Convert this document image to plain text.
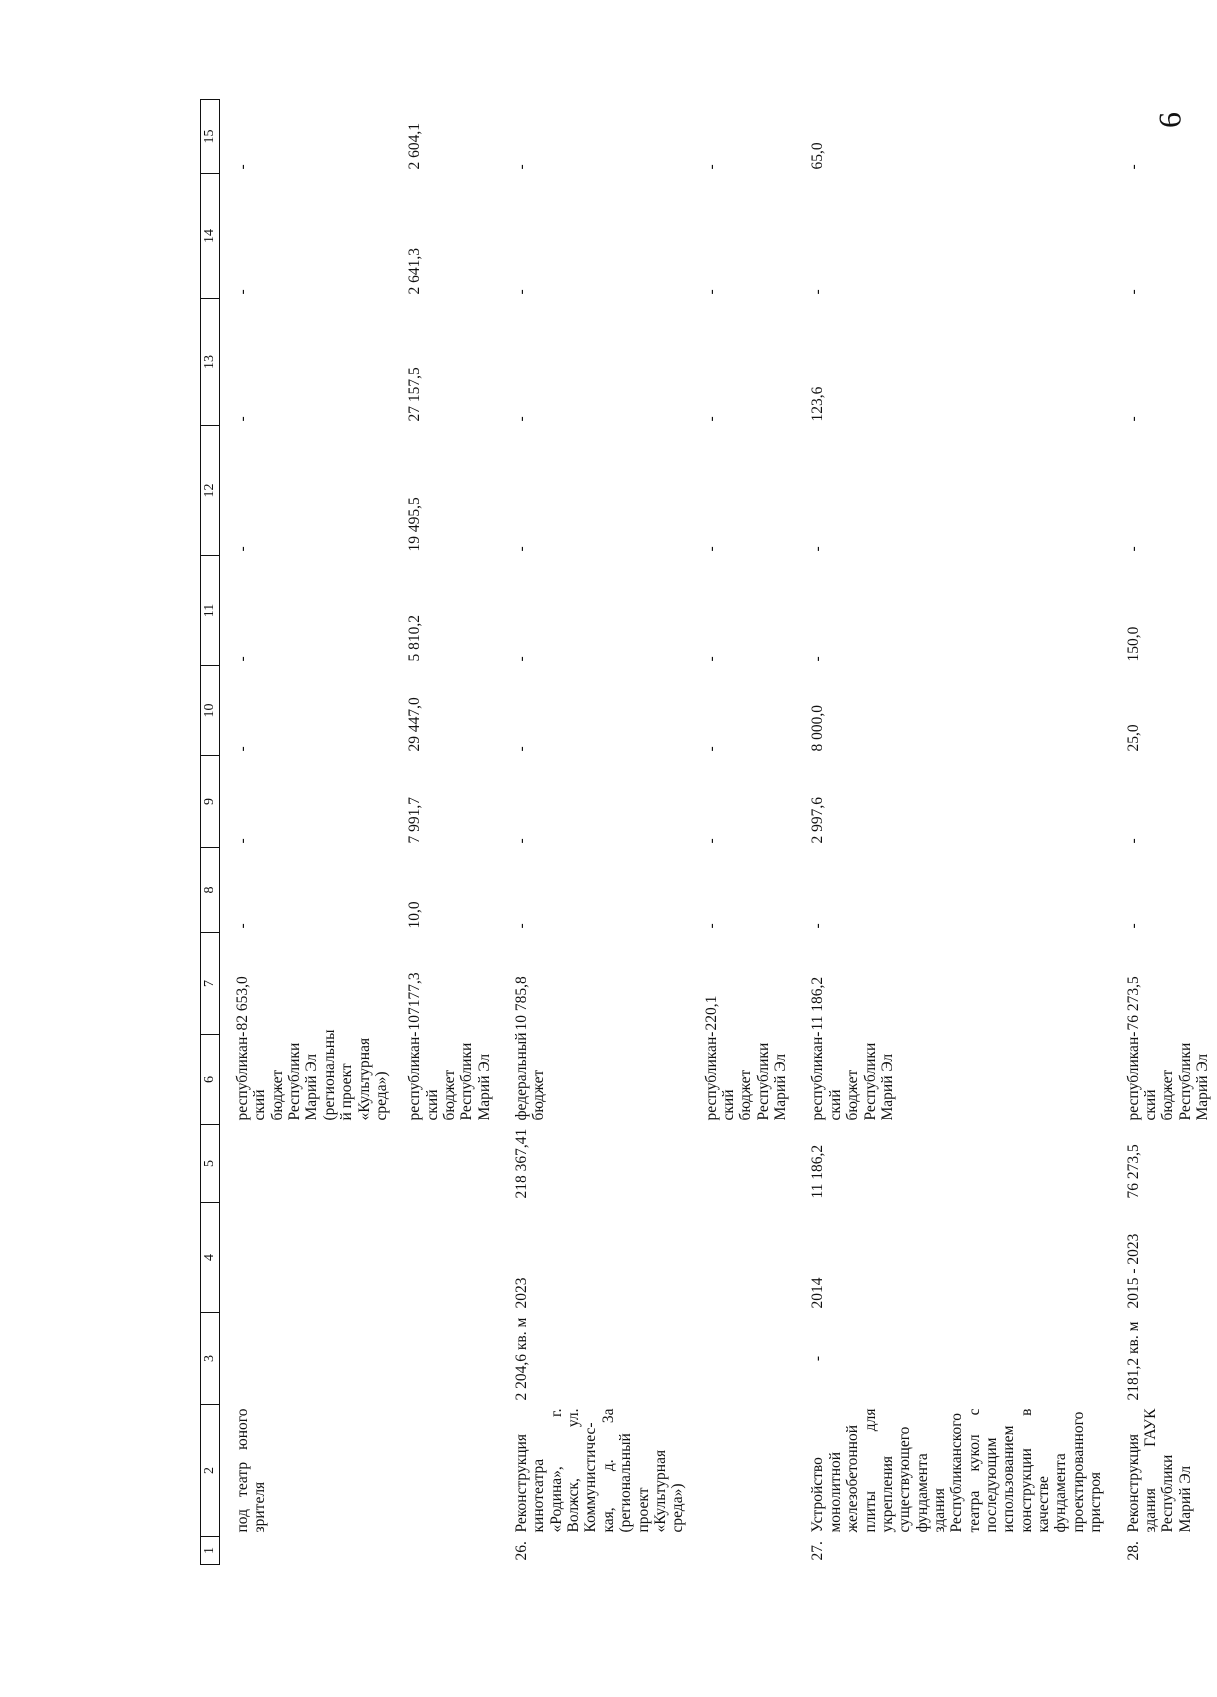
6
1	2	3	4	5	6	7	8	9	10	11	12	13	14	15
	под театр юного зрителя				республикан-ский бюджет Республики Марий Эл (региональны й проект «Культурная среда»)	82 653,0	-	-	-	-	-	-	-	-
					республикан-ский бюджет Республики Марий Эл	107177,3	10,0	7 991,7	29 447,0	5 810,2	19 495,5	27 157,5	2 641,3	2 604,1
26.	Реконструкция кинотеатра «Родина», г. Волжск, ул. Коммунистичес-кая, д. 3а (региональный проект «Культурная среда»)	2 204,6 кв. м	2023	218 367,41	федеральный бюджет	10 785,8	-	-	-	-	-	-	-	-
					республикан-ский бюджет Республики Марий Эл	220,1	-	-	-	-	-	-	-	-
27.	Устройство монолитной железобетонной плиты для укрепления существующего фундамента здания Республиканского театра кукол с последующим использованием конструкции в качестве фундамента проектированного пристроя	-	2014	11 186,2	республикан-ский бюджет Республики Марий Эл	11 186,2	-	2 997,6	8 000,0	-	-	123,6	-	65,0
28.	Реконструкция здания ГАУК Республики Марий Эл	2181,2 кв. м	2015 - 2023	76 273,5	республикан-ский бюджет Республики Марий Эл	76 273,5	-	-	25,0	150,0	-	-	-	-
